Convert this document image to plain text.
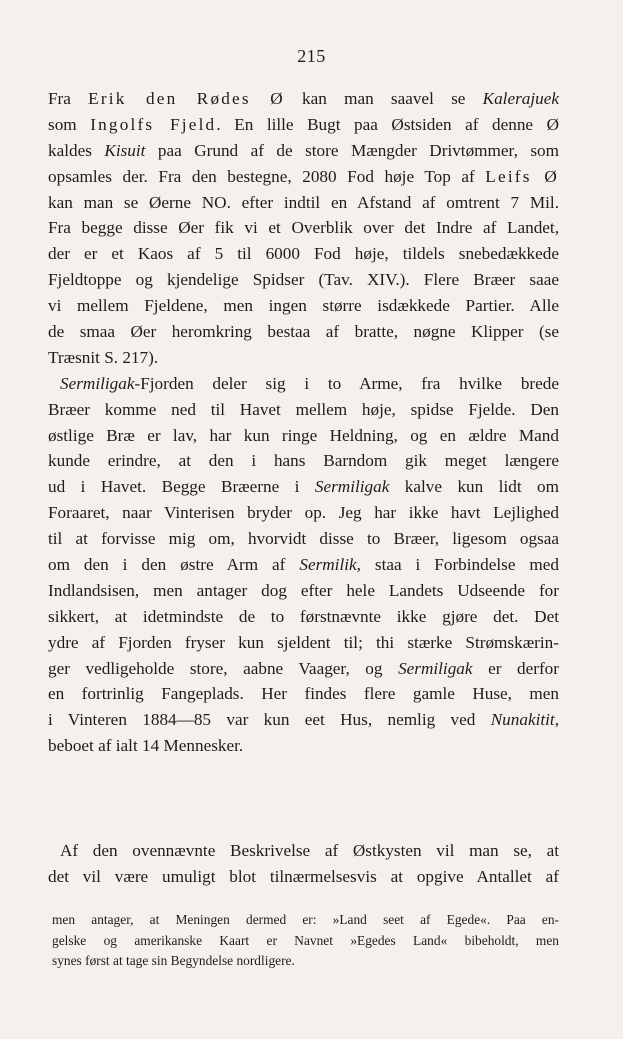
215
Fra Erik den Rødes Ø kan man saavel se Kalerajuek
som Ingolfs Fjeld. En lille Bugt paa Østsiden af denne Ø
kaldes Kisuit paa Grund af de store Mængder Drivtømmer, som
opsamles der. Fra den bestegne, 2080 Fod høje Top af Leifs Ø
kan man se Øerne NO. efter indtil en Afstand af omtrent 7 Mil.
Fra begge disse Øer fik vi et Overblik over det Indre af Landet,
der er et Kaos af 5 til 6000 Fod høje, tildels snebedækkede
Fjeldtoppe og kjendelige Spidser (Tav. XIV.). Flere Bræer saae
vi mellem Fjeldene, men ingen større isdækkede Partier. Alle
de smaa Øer heromkring bestaa af bratte, nøgne Klipper (se
Træsnit S. 217).
Sermiligak-Fjorden deler sig i to Arme, fra hvilke brede
Bræer komme ned til Havet mellem høje, spidse Fjelde. Den
østlige Bræ er lav, har kun ringe Heldning, og en ældre Mand
kunde erindre, at den i hans Barndom gik meget længere
ud i Havet. Begge Bræerne i Sermiligak kalve kun lidt om
Foraaret, naar Vinterisen bryder op. Jeg har ikke havt Lejlighed
til at forvisse mig om, hvorvidt disse to Bræer, ligesom ogsaa
om den i den østre Arm af Sermilik, staa i Forbindelse med
Indlandsisen, men antager dog efter hele Landets Udseende for
sikkert, at idetmindste de to førstnævnte ikke gjøre det. Det
ydre af Fjorden fryser kun sjeldent til; thi stærke Strømskærin-
ger vedligeholde store, aabne Vaager, og Sermiligak er derfor
en fortrinlig Fangeplads. Her findes flere gamle Huse, men
i Vinteren 1884—85 var kun eet Hus, nemlig ved Nunakitit,
beboet af ialt 14 Mennesker.
Af den ovennævnte Beskrivelse af Østkysten vil man se, at
det vil være umuligt blot tilnærmelsesvis at opgive Antallet af
men antager, at Meningen dermed er: »Land seet af Egede«. Paa en-
gelske og amerikanske Kaart er Navnet »Egedes Land« bibeholdt, men
synes først at tage sin Begyndelse nordligere.
